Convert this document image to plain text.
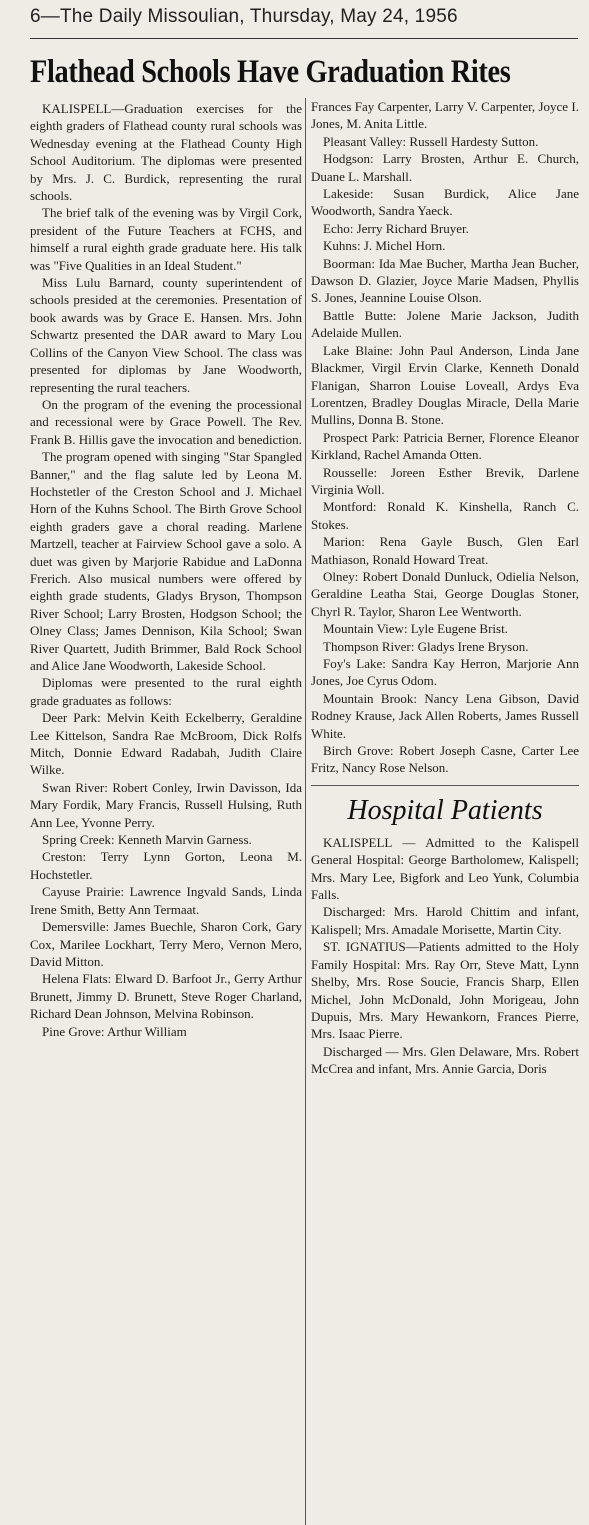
6—The Daily Missoulian, Thursday, May 24, 1956
Flathead Schools Have Graduation Rites

KALISPELL—Graduation exercises for the eighth graders of Flathead county rural schools was Wednesday evening at the Flathead County High School Auditorium. The diplomas were presented by Mrs. J. C. Burdick, representing the rural schools.

The brief talk of the evening was by Virgil Cork, president of the Future Teachers at FCHS, and himself a rural eighth grade graduate here. His talk was "Five Qualities in an Ideal Student."

Miss Lulu Barnard, county superintendent of schools presided at the ceremonies. Presentation of book awards was by Grace E. Hansen. Mrs. John Schwartz presented the DAR award to Mary Lou Collins of the Canyon View School. The class was presented for diplomas by Jane Woodworth, representing the rural teachers.

On the program of the evening the processional and recessional were by Grace Powell. The Rev. Frank B. Hillis gave the invocation and benediction.

The program opened with singing "Star Spangled Banner," and the flag salute led by Leona M. Hochstetler of the Creston School and J. Michael Horn of the Kuhns School. The Birth Grove School eighth graders gave a choral reading. Marlene Martzell, teacher at Fairview School gave a solo. A duet was given by Marjorie Rabidue and LaDonna Frerich. Also musical numbers were offered by eighth grade students, Gladys Bryson, Thompson River School; Larry Brosten, Hodgson School; the Olney Class; James Dennison, Kila School; Swan River Quartett, Judith Brimmer, Bald Rock School and Alice Jane Woodworth, Lakeside School.

Diplomas were presented to the rural eighth grade graduates as follows:

Deer Park: Melvin Keith Eckelberry, Geraldine Lee Kittelson, Sandra Rae McBroom, Dick Rolfs Mitch, Donnie Edward Radabah, Judith Claire Wilke.

Swan River: Robert Conley, Irwin Davisson, Ida Mary Fordik, Mary Francis, Russell Hulsing, Ruth Ann Lee, Yvonne Perry.

Spring Creek: Kenneth Marvin Garness.

Creston: Terry Lynn Gorton, Leona M. Hochstetler.

Cayuse Prairie: Lawrence Ingvald Sands, Linda Irene Smith, Betty Ann Termaat.

Demersville: James Buechle, Sharon Cork, Gary Cox, Marilee Lockhart, Terry Mero, Vernon Mero, David Mitton.

Helena Flats: Elward D. Barfoot Jr., Gerry Arthur Brunett, Jimmy D. Brunett, Steve Roger Charland, Richard Dean Johnson, Melvina Robinson.

Pine Grove: Arthur William

Frances Fay Carpenter, Larry V. Carpenter, Joyce I. Jones, M. Anita Little.

Pleasant Valley: Russell Hardesty Sutton.

Hodgson: Larry Brosten, Arthur E. Church, Duane L. Marshall.

Lakeside: Susan Burdick, Alice Jane Woodworth, Sandra Yaeck.

Echo: Jerry Richard Bruyer.

Kuhns: J. Michel Horn.

Boorman: Ida Mae Bucher, Martha Jean Bucher, Dawson D. Glazier, Joyce Marie Madsen, Phyllis S. Jones, Jeannine Louise Olson.

Battle Butte: Jolene Marie Jackson, Judith Adelaide Mullen.

Lake Blaine: John Paul Anderson, Linda Jane Blackmer, Virgil Ervin Clarke, Kenneth Donald Flanigan, Sharron Louise Loveall, Ardys Eva Lorentzen, Bradley Douglas Miracle, Della Marie Mullins, Donna B. Stone.

Prospect Park: Patricia Berner, Florence Eleanor Kirkland, Rachel Amanda Otten.

Rousselle: Joreen Esther Brevik, Darlene Virginia Woll.

Montford: Ronald K. Kinshella, Ranch C. Stokes.

Marion: Rena Gayle Busch, Glen Earl Mathiason, Ronald Howard Treat.

Olney: Robert Donald Dunluck, Odielia Nelson, Geraldine Leatha Stai, George Douglas Stoner, Chyrl R. Taylor, Sharon Lee Wentworth.

Mountain View: Lyle Eugene Brist.

Thompson River: Gladys Irene Bryson.

Foy's Lake: Sandra Kay Herron, Marjorie Ann Jones, Joe Cyrus Odom.

Mountain Brook: Nancy Lena Gibson, David Rodney Krause, Jack Allen Roberts, James Russell White.

Birch Grove: Robert Joseph Casne, Carter Lee Fritz, Nancy Rose Nelson.

Hospital Patients

KALISPELL — Admitted to the Kalispell General Hospital: George Bartholomew, Kalispell; Mrs. Mary Lee, Bigfork and Leo Yunk, Columbia Falls.

Discharged: Mrs. Harold Chittim and infant, Kalispell; Mrs. Amadale Morisette, Martin City.

ST. IGNATIUS—Patients admitted to the Holy Family Hospital: Mrs. Ray Orr, Steve Matt, Lynn Shelby, Mrs. Rose Soucie, Francis Sharp, Ellen Michel, John McDonald, John Morigeau, John Dupuis, Mrs. Mary Hewankorn, Frances Pierre, Mrs. Isaac Pierre.

Discharged — Mrs. Glen Delaware, Mrs. Robert McCrea and infant, Mrs. Annie Garcia, Doris
